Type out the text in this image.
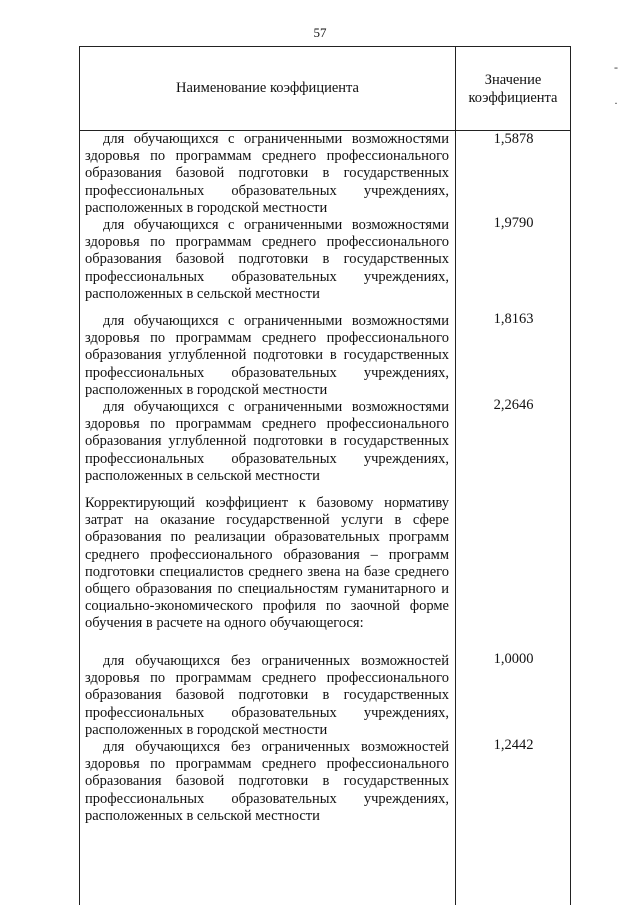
57
Наименование коэффициента
Значение коэффициента

для обучающихся с ограниченными возможностями здоровья по программам среднего профессионального образования базовой подготовки в государственных профессиональных образовательных учреждениях, расположенных в городской местности

1,5878

для обучающихся с ограниченными возможностями здоровья по программам среднего профессионального образования базовой подготовки в государственных профессиональных образовательных учреждениях, расположенных в сельской местности

1,9790

для обучающихся с ограниченными возможностями здоровья по программам среднего профессионального образования углубленной подготовки в государственных профессиональных образовательных учреждениях, расположенных в городской местности

1,8163

для обучающихся с ограниченными возможностями здоровья по программам среднего профессионального образования углубленной подготовки в государственных профессиональных образовательных учреждениях, расположенных в сельской местности

2,2646

Корректирующий коэффициент к базовому нормативу затрат на оказание государственной услуги в сфере образования по реализации образовательных программ среднего профессионального образования – программ подготовки специалистов среднего звена на базе среднего общего образования по специальностям гуманитарного и социально-экономического профиля по заочной форме обучения в расчете на одного обучающегося:

для обучающихся без ограниченных возможностей здоровья по программам среднего профессионального образования базовой подготовки в государственных профессиональных образовательных учреждениях, расположенных в городской местности

1,0000

для обучающихся без ограниченных возможностей здоровья по программам среднего профессионального образования базовой подготовки в государственных профессиональных образовательных учреждениях, расположенных в сельской местности

1,2442
-
·
